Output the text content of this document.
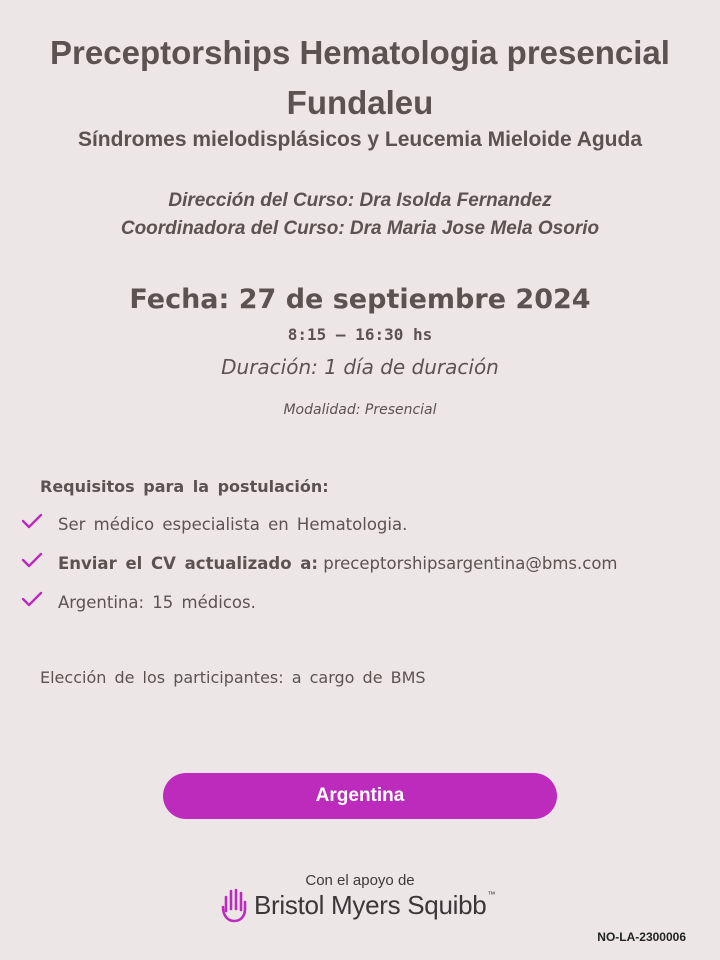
Preceptorships Hematologia presencial
Fundaleu
Síndromes mielodisplásicos y Leucemia Mieloide Aguda
Dirección del Curso: Dra Isolda Fernandez
Coordinadora del Curso: Dra Maria Jose Mela Osorio
Fecha: 27 de septiembre 2024
8:15 – 16:30 hs
Duración: 1 día de duración
Modalidad: Presencial
Requisitos para la postulación:
Ser médico especialista en Hematologia.
Enviar el CV actualizado a:
preceptorshipsargentina@bms.com
Argentina: 15 médicos.
Elección de los participantes: a cargo de BMS
Argentina
Con el apoyo de
Bristol Myers Squibb™
NO-LA-2300006
